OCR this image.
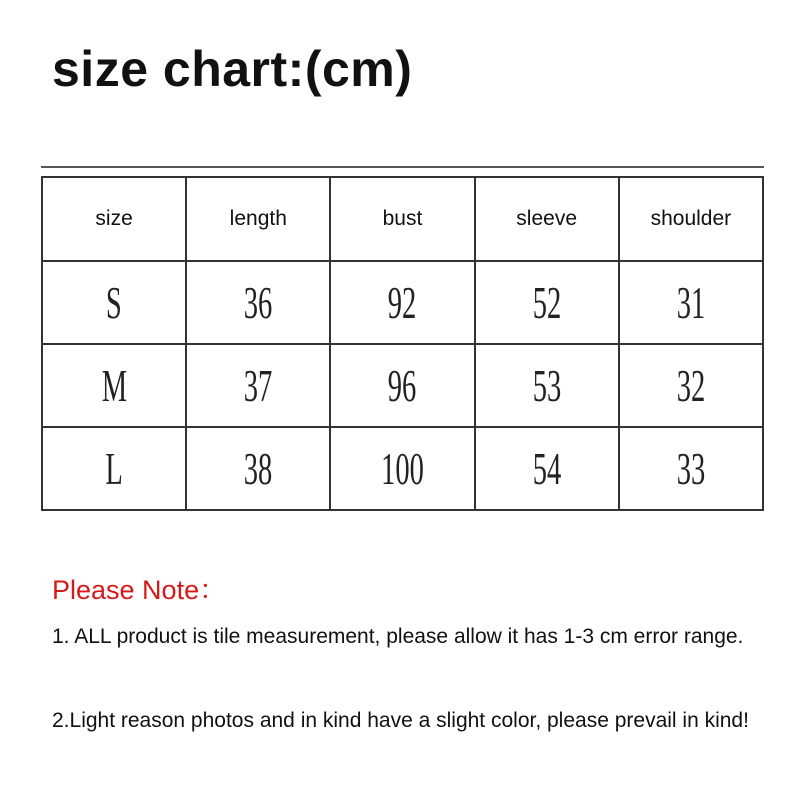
size chart:(cm)
size	length	bust	sleeve	shoulder
S	36	92	52	31
M	37	96	53	32
L	38	100	54	33
Please Note：
1. ALL product is tile measurement, please allow it has 1-3 cm error range.
2.Light reason photos and in kind have a slight color, please prevail in kind!
